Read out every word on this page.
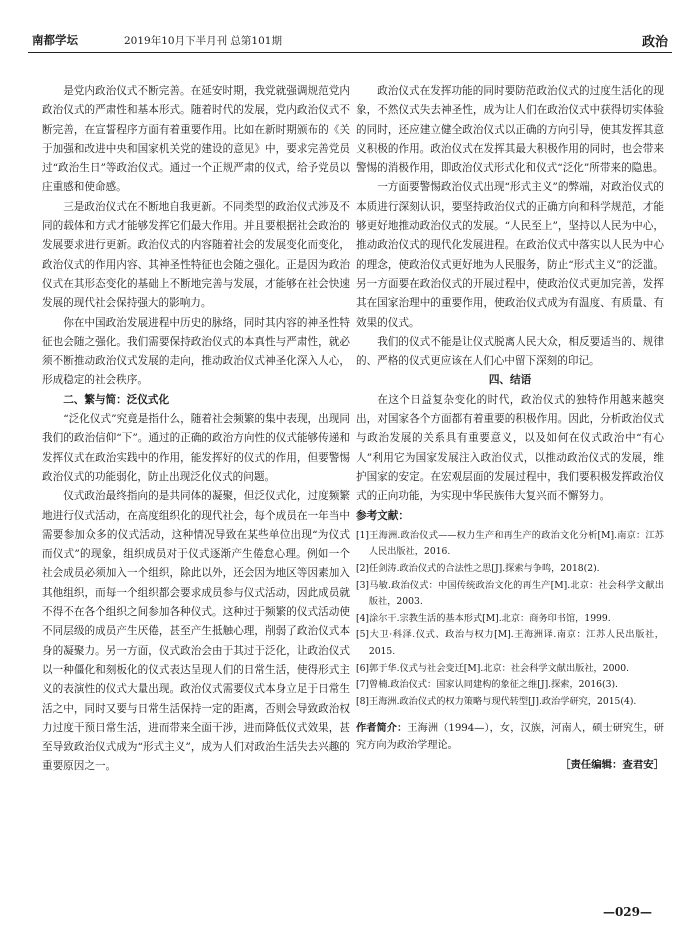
南都学坛	2019年10月下半月刊 总第101期	政治

是党内政治仪式不断完善。在延安时期，我党就强调规范党内政治仪式的严肃性和基本形式。随着时代的发展，党内政治仪式不断完善，在宣誓程序方面有着重要作用。比如在新时期颁布的《关于加强和改进中央和国家机关党的建设的意见》中，要求完善党员过“政治生日”等政治仪式。通过一个正规严肃的仪式，给予党员以庄重感和使命感。

三是政治仪式在不断地自我更新。不同类型的政治仪式涉及不同的载体和方式才能够发挥它们最大作用。并且要根据社会政治的发展要求进行更新。政治仪式的内容随着社会的发展变化而变化，政治仪式的作用内容、其神圣性特征也会随之强化。正是因为政治仪式在其形态变化的基础上不断地完善与发展，才能够在社会快速发展的现代社会保持强大的影响力。

你在中国政治发展进程中历史的脉络，同时其内容的神圣性特征也会随之强化。我们需要保持政治仪式的本真性与严肃性，就必须不断推动政治仪式发展的走向，推动政治仪式神圣化深入人心，形成稳定的社会秩序。

二、繁与简：泛仪式化

“泛化仪式”究竟是指什么，随着社会频繁的集中表现，出现同我们的政治信仰“下”。通过的正确的政治方向性的仪式能够传递和发挥仪式在政治实践中的作用，能发挥好的仪式的作用，但要警惕政治仪式的功能弱化，防止出现泛化仪式的问题。

仪式政治最终指向的是共同体的凝聚，但泛仪式化，过度频繁地进行仪式活动，在高度组织化的现代社会，每个成员在一年当中需要参加众多的仪式活动，这种情况导致在某些单位出现“为仪式而仪式”的现象，组织成员对于仪式逐渐产生倦怠心理。例如一个社会成员必须加入一个组织，除此以外，还会因为地区等因素加入其他组织，而每一个组织都会要求成员参与仪式活动，因此成员就不得不在各个组织之间参加各种仪式。这种过于频繁的仪式活动使不同层级的成员产生厌倦，甚至产生抵触心理，削弱了政治仪式本身的凝聚力。另一方面，仪式政治会由于其过于泛化，让政治仪式以一种僵化和刻板化的仪式表达呈现人们的日常生活，使得形式主义的表演性的仪式大量出现。政治仪式需要仪式本身立足于日常生活之中，同时又要与日常生活保持一定的距离，否则会导致政治权力过度干预日常生活，进而带来全面干涉，进而降低仪式效果，甚至导致政治仪式成为“形式主义”，成为人们对政治生活失去兴趣的重要原因之一。

政治仪式在发挥功能的同时要防范政治仪式的过度生活化的现象，不然仪式失去神圣性，成为让人们在政治仪式中获得切实体验的同时，还应建立健全政治仪式以正确的方向引导，使其发挥其意义积极的作用。政治仪式在发挥其最大积极作用的同时，也会带来警惕的消极作用，即政治仪式形式化和仪式“泛化”所带来的隐患。

一方面要警惕政治仪式出现“形式主义”的弊端，对政治仪式的本质进行深刻认识，要坚持政治仪式的正确方向和科学规范，才能够更好地推动政治仪式的发展。“人民至上”，坚持以人民为中心，推动政治仪式的现代化发展进程。在政治仪式中落实以人民为中心的理念，使政治仪式更好地为人民服务，防止“形式主义”的泛滥。另一方面要在政治仪式的开展过程中，使政治仪式更加完善，发挥其在国家治理中的重要作用，使政治仪式成为有温度、有质量、有效果的仪式。

我们的仪式不能是让仪式脱离人民大众，相反要适当的、规律的、严格的仪式更应该在人们心中留下深刻的印记。

四、结语

在这个日益复杂变化的时代，政治仪式的独特作用越来越突出，对国家各个方面都有着重要的积极作用。因此，分析政治仪式与政治发展的关系具有重要意义，以及如何在仪式政治中“有心人”利用它为国家发展注入政治仪式，以推动政治仪式的发展，维护国家的安定。在宏观层面的发展过程中，我们要积极发挥政治仪式的正向功能，为实现中华民族伟大复兴而不懈努力。

参考文献：

[1]王海洲.政治仪式——权力生产和再生产的政治文化分析[M].南京：江苏人民出版社，2016.

[2]任剑涛.政治仪式的合法性之思[J].探索与争鸣，2018(2).

[3]马敏.政治仪式：中国传统政治文化的再生产[M].北京：社会科学文献出版社，2003.

[4]涂尔干.宗教生活的基本形式[M].北京：商务印书馆，1999.

[5]大卫·科泽.仪式、政治与权力[M].王海洲译.南京：江苏人民出版社，2015.

[6]郭于华.仪式与社会变迁[M].北京：社会科学文献出版社，2000.

[7]曾楠.政治仪式：国家认同建构的象征之维[J].探索，2016(3).

[8]王海洲.政治仪式的权力策略与现代转型[J].政治学研究，2015(4).

作者简介：王海洲（1994—），女，汉族，河南人，硕士研究生，研究方向为政治学理论。
［责任编辑：查君安］
—029—
